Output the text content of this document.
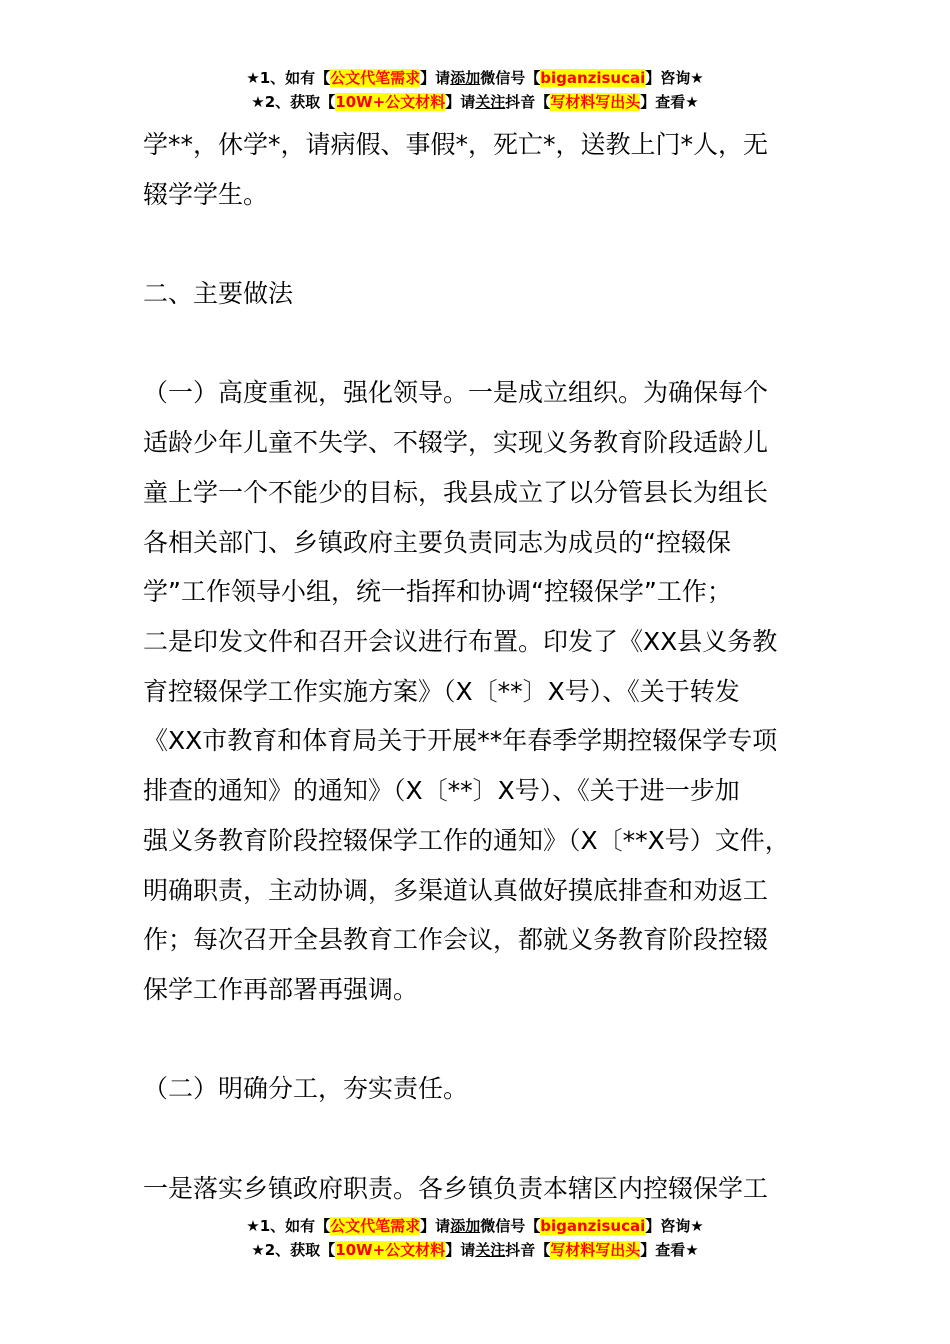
★1、如有【公文代笔需求】请添加微信号【biganzisucai】咨询★
★2、获取【10W+公文材料】请关注抖音【写材料写出头】查看★
学**，休学*，请病假、事假*，死亡*，送教上门*人，无
辍学学生。
二、主要做法
（一）高度重视，强化领导。一是成立组织。为确保每个
适龄少年儿童不失学、不辍学，实现义务教育阶段适龄儿
童上学一个不能少的目标，我县成立了以分管县长为组长
各相关部门、乡镇政府主要负责同志为成员的“控辍保
学”工作领导小组，统一指挥和协调“控辍保学”工作；
二是印发文件和召开会议进行布置。印发了《XX县义务教
育控辍保学工作实施方案》（X〔**〕X号）、《关于转发
《XX市教育和体育局关于开展**年春季学期控辍保学专项
排查的通知》的通知》（X〔**〕X号）、《关于进一步加
强义务教育阶段控辍保学工作的通知》（X〔**X号）文件，
明确职责，主动协调，多渠道认真做好摸底排查和劝返工
作；每次召开全县教育工作会议，都就义务教育阶段控辍
保学工作再部署再强调。
（二）明确分工，夯实责任。
一是落实乡镇政府职责。各乡镇负责本辖区内控辍保学工
★1、如有【公文代笔需求】请添加微信号【biganzisucai】咨询★
★2、获取【10W+公文材料】请关注抖音【写材料写出头】查看★
